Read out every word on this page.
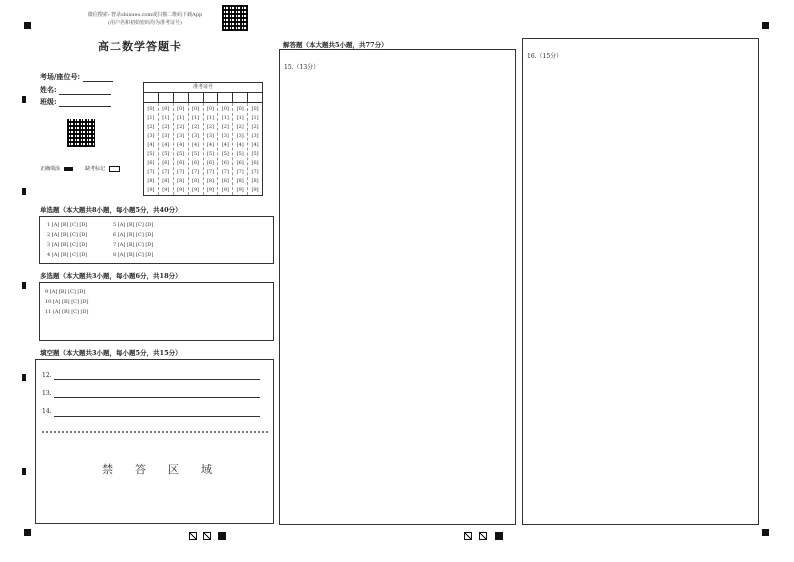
微信搜索: 智录shixues.com或扫描二维码下载App
(用户名和初始密码均为准考证号)
高二数学答题卡
考场/座位号:
姓名:
班级:
准考证号
[0]
[1]
[2]
[3]
[4]
[5]
[6]
[7]
[8]
[9]
[0]
[1]
[2]
[3]
[4]
[5]
[6]
[7]
[8]
[9]
[0]
[1]
[2]
[3]
[4]
[5]
[6]
[7]
[8]
[9]
[0]
[1]
[2]
[3]
[4]
[5]
[6]
[7]
[8]
[9]
[0]
[1]
[2]
[3]
[4]
[5]
[6]
[7]
[8]
[9]
[0]
[1]
[2]
[3]
[4]
[5]
[6]
[7]
[8]
[9]
[0]
[1]
[2]
[3]
[4]
[5]
[6]
[7]
[8]
[9]
[0]
[1]
[2]
[3]
[4]
[5]
[6]
[7]
[8]
[9]
正确填涂	缺考标记
单选题（本大题共8小题，每小题5分，共40分）
1 [A] [B] [C] [D]
2 [A] [B] [C] [D]
3 [A] [B] [C] [D]
4 [A] [B] [C] [D]
5 [A] [B] [C] [D]
6 [A] [B] [C] [D]
7 [A] [B] [C] [D]
8 [A] [B] [C] [D]
多选题（本大题共3小题，每小题6分，共18分）
9 [A] [B] [C] [D]
10 [A] [B] [C] [D]
11 [A] [B] [C] [D]
填空题（本大题共3小题，每小题5分，共15分）
12.
13.
14.
禁答区域
解答题（本大题共5小题，共77分）
15.（13分）
16.（15分）
